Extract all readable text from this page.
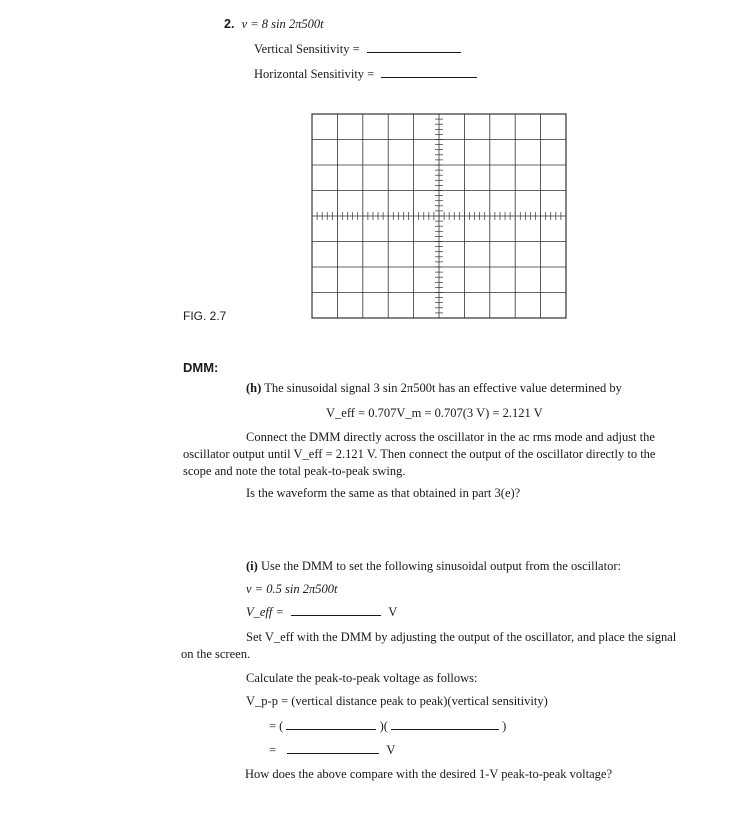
2. v = 8 sin 2π500t
Vertical Sensitivity =
Horizontal Sensitivity =
FIG. 2.7
DMM:
(h) The sinusoidal signal 3 sin 2π500t has an effective value determined by
V_eff = 0.707V_m = 0.707(3 V) = 2.121 V
Connect the DMM directly across the oscillator in the ac rms mode and adjust the
oscillator output until V_eff = 2.121 V. Then connect the output of the oscillator directly to the
scope and note the total peak-to-peak swing.
Is the waveform the same as that obtained in part 3(e)?
(i) Use the DMM to set the following sinusoidal output from the oscillator:
v = 0.5 sin 2π500t
V_eff =	V
Set V_eff with the DMM by adjusting the output of the oscillator, and place the signal
on the screen.
Calculate the peak-to-peak voltage as follows:
V_p-p = (vertical distance peak to peak)(vertical sensitivity)
= (	)(	)
=	V
How does the above compare with the desired 1-V peak-to-peak voltage?
